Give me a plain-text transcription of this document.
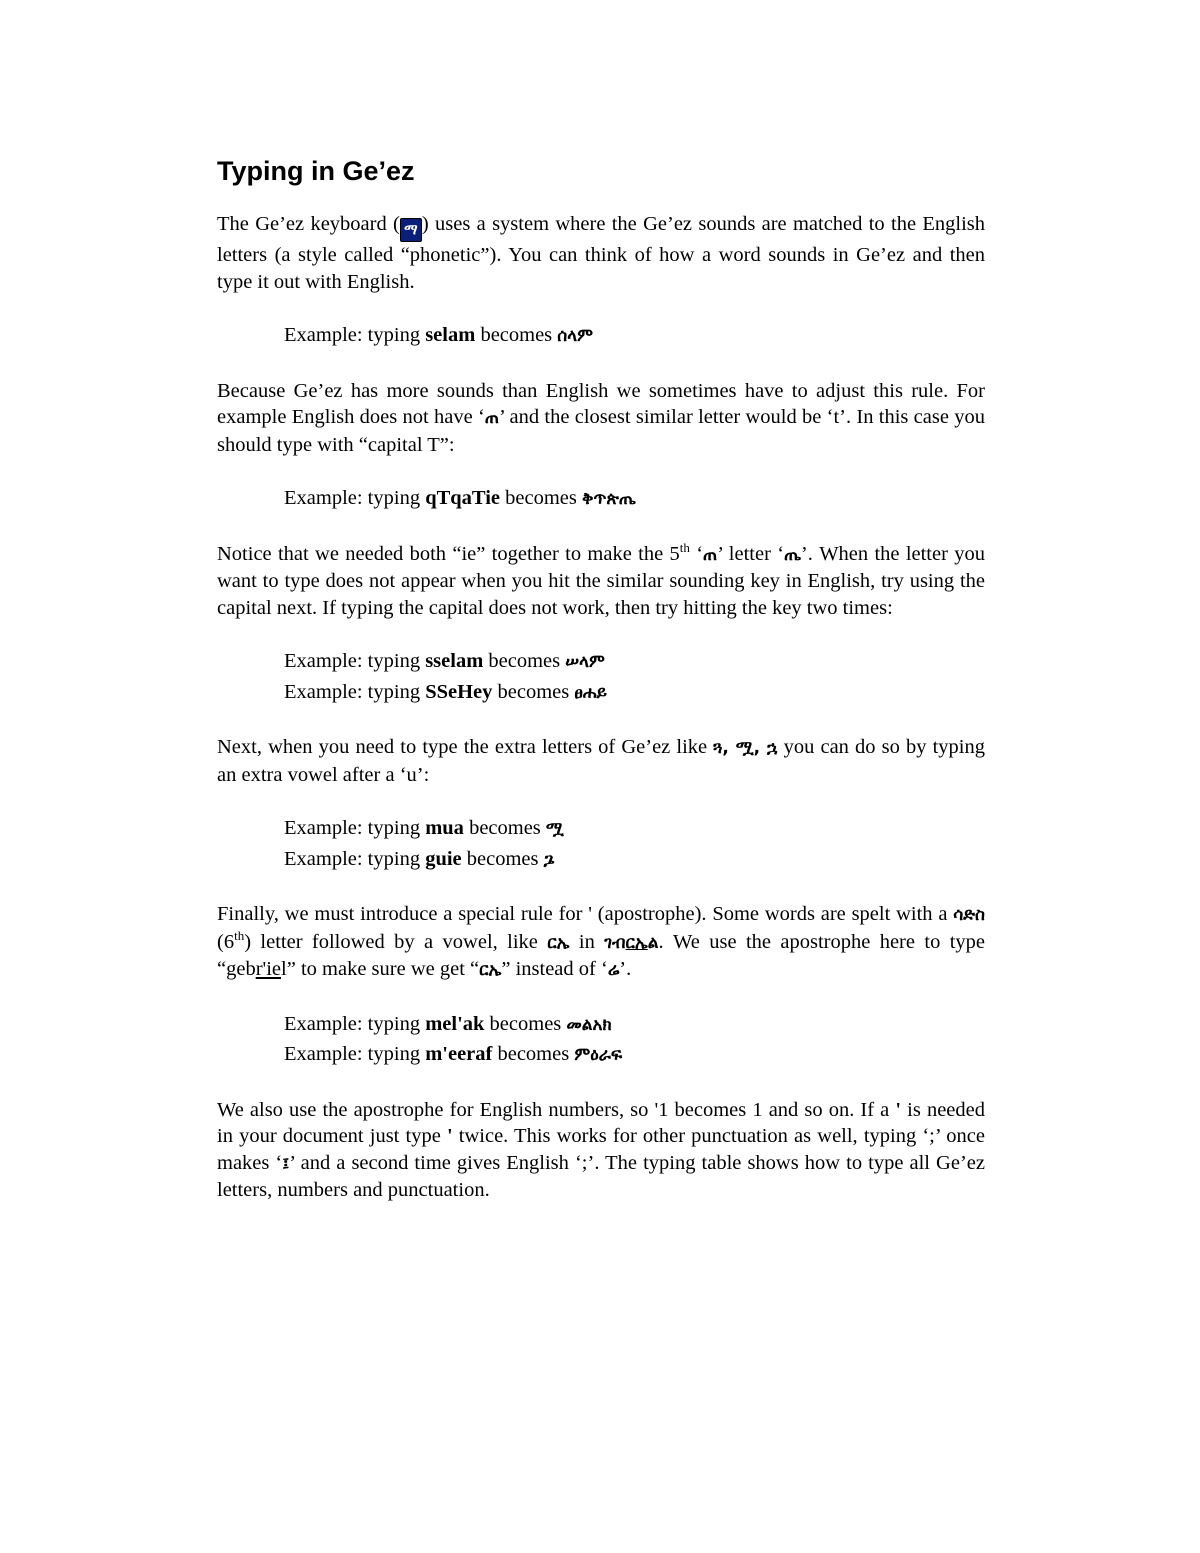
Typing in Ge’ez

The Ge’ez keyboard ( ማ ) uses a system where the Ge’ez sounds are matched to the English letters (a style called “phonetic”). You can think of how a word sounds in Ge’ez and then type it out with English.

Example: typing selam becomes ሰላም

Because Ge’ez has more sounds than English we sometimes have to adjust this rule. For example English does not have ‘ጠ’ and the closest similar letter would be ‘t’. In this case you should type with “capital T”:

Example: typing qTqaTie becomes ቅጥጵጤ

Notice that we needed both “ie” together to make the 5th ‘ጠ’ letter ‘ጤ’. When the letter you want to type does not appear when you hit the similar sounding key in English, try using the capital next. If typing the capital does not work, then try hitting the key two times:

Example: typing sselam becomes ሠላም
Example: typing SSeHey becomes ፀሐይ

Next, when you need to type the extra letters of Ge’ez like ጓ, ሟ, ኋ you can do so by typing an extra vowel after a ‘u’:

Example: typing mua becomes ሟ
Example: typing guie becomes ጔ

Finally, we must introduce a special rule for ' (apostrophe). Some words are spelt with a ሳድስ (6th) letter followed by a vowel, like ርኤ in ገብርኤል. We use the apostrophe here to type “gebr'iel” to make sure we get “ርኤ” instead of ‘ሬ’.

Example: typing mel'ak becomes መልአክ
Example: typing m'eeraf becomes ምዕራፍ

We also use the apostrophe for English numbers, so '1 becomes 1 and so on. If a ' is needed in your document just type ' twice. This works for other punctuation as well, typing ‘;’ once makes ‘፤’ and a second time gives English ‘;’. The typing table shows how to type all Ge’ez letters, numbers and punctuation.
